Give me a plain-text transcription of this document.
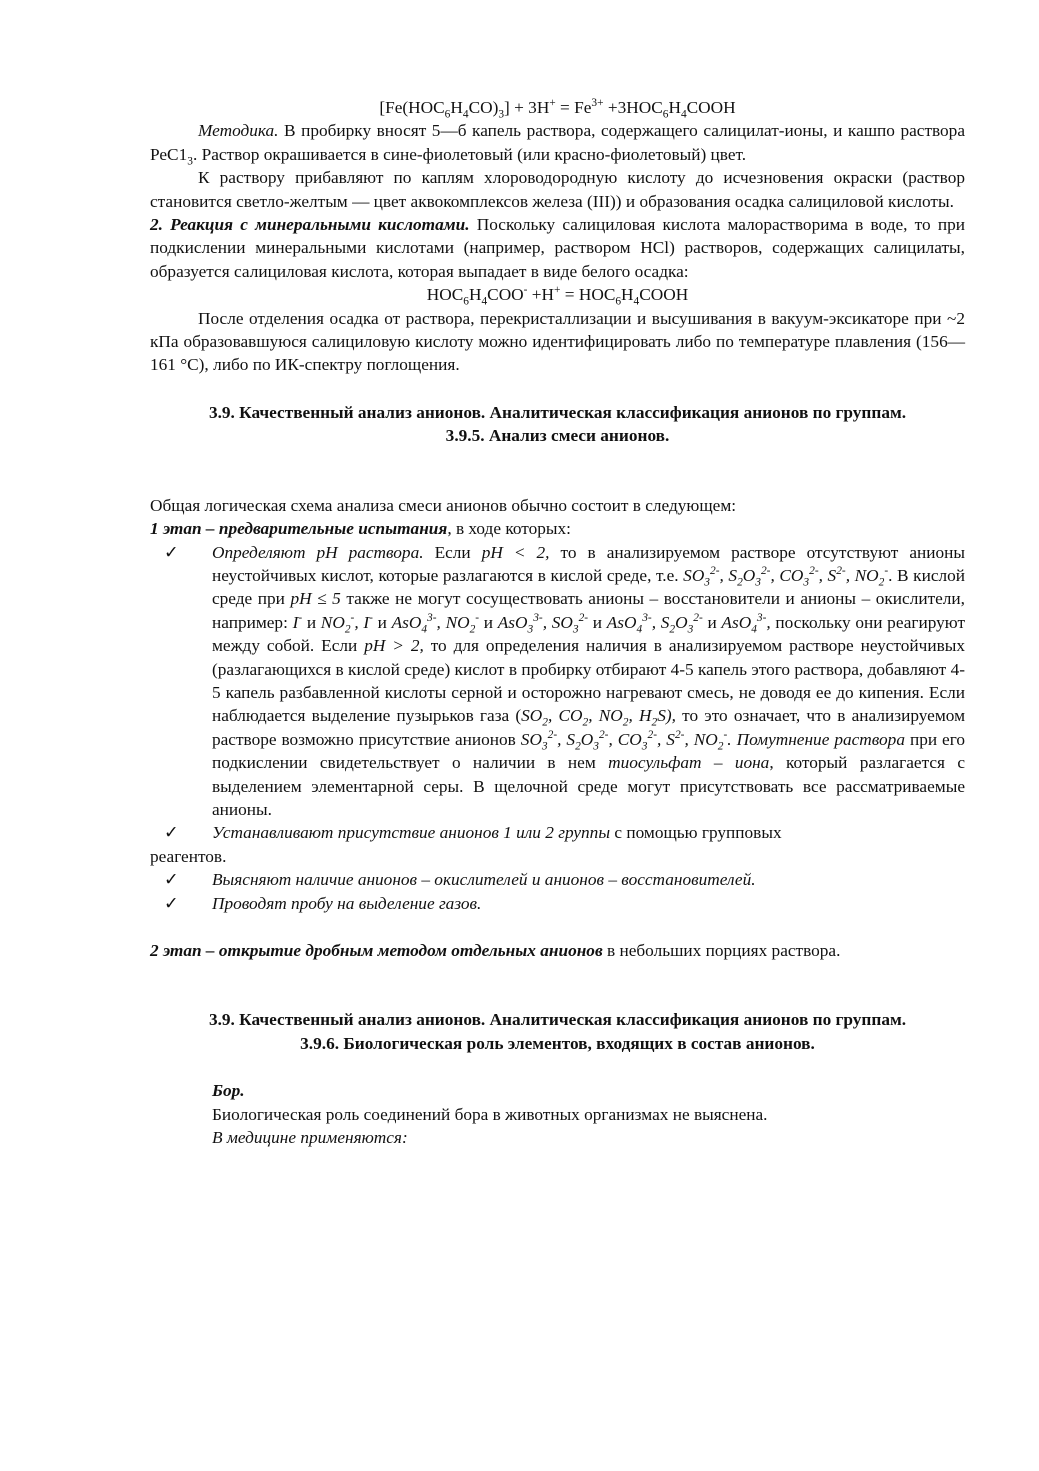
$[Fe(HOC_6H_4CO)_3] + 3H^+ = Fe^{3+}$ $+3HOC_6H_4COOH$

Методика. В пробирку вносят 5—б капель раствора, содержащего салицилат-ионы, и кашпо раствора $РеС1_3$. Раствор окрашивается в сине-фиолетовый (или красно-фиолетовый) цвет.

К раствору прибавляют по каплям хлороводородную кислоту до исчезновения окраски (раствор становится светло-желтым — цвет аквокомплексов железа (III)) и образования осадка салициловой кислоты.

2. Реакция с минеральными кислотами. Поскольку салициловая кислота малорастворима в воде, то при подкислении минеральными кислотами (например, раствором НСl) растворов, содержащих салицилаты, образуется салициловая кислота, которая выпадает в виде белого осадка:

$HOC_6H_4COO^- +H^+$ = $HOC_6H_4COOH$

После отделения осадка от раствора, перекристаллизации и высушивания в вакуум-эксикаторе при ~2 кПа образовавшуюся салициловую кислоту можно идентифицировать либо по температуре плавления (156—161 °С), либо по ИК-спектру поглощения.

3.9. Качественный анализ анионов. Аналитическая классификация анионов по группам.

3.9.5. Анализ смеси анионов.

Общая логическая схема анализа смеси анионов обычно состоит в следующем:

1 этап – предварительные испытания, в ходе которых:

✓	Определяют рН раствора. Если рН < 2, то в анализируемом растворе отсутствуют анионы неустойчивых кислот, которые разлагаются в кислой среде, т.е. $SO_3^{2-}$, $S_2O_3^{2-}$, $CO_3^{2-}$, $S^{2-}$, $NO_2^-$. В кислой среде при pH ≤ 5 также не могут сосуществовать анионы – восстановители и анионы – окислители, например: I- и $NO_2^-$, I- и AsO$_4^{3-}$, $NO_2^-$ и AsO$_3^{3-}$, $SO_3^{2-}$ и AsO$_4^{3-}$, $S_2O_3^{2-}$ и AsO$_4^{3-}$, поскольку они реагируют между собой. Если pH > 2, то для определения наличия в анализируемом растворе неустойчивых (разлагающихся в кислой среде) кислот в пробирку отбирают 4-5 капель этого раствора, добавляют 4-5 капель разбавленной кислоты серной и осторожно нагревают смесь, не доводя ее до кипения. Если наблюдается выделение пузырьков газа ($SO_2$, $CO_2$, $NO_2$, $H_2S$), то это означает, что в анализируемом растворе возможно присутствие анионов $SO_3^{2-}$, $S_2O_3^{2-}$, $CO_3^{2-}$, $S^{2-}$, $NO_2^-$. Помутнение раствора при его подкислении свидетельствует о наличии в нем тиосульфат – иона, который разлагается с выделением элементарной серы. В щелочной среде могут присутствовать все рассматриваемые анионы.
✓	Устанавливают присутствие анионов 1 или 2 группы с помощью групповых

реагентов.

✓	Выясняют наличие анионов – окислителей и анионов – восстановителей.
✓	Проводят пробу на выделение газов.

2 этап – открытие дробным методом отдельных анионов в небольших порциях раствора.

3.9. Качественный анализ анионов. Аналитическая классификация анионов по группам.

3.9.6. Биологическая роль элементов, входящих в состав анионов.

Бор.

Биологическая роль соединений бора в животных организмах не выяснена.

В медицине применяются:
